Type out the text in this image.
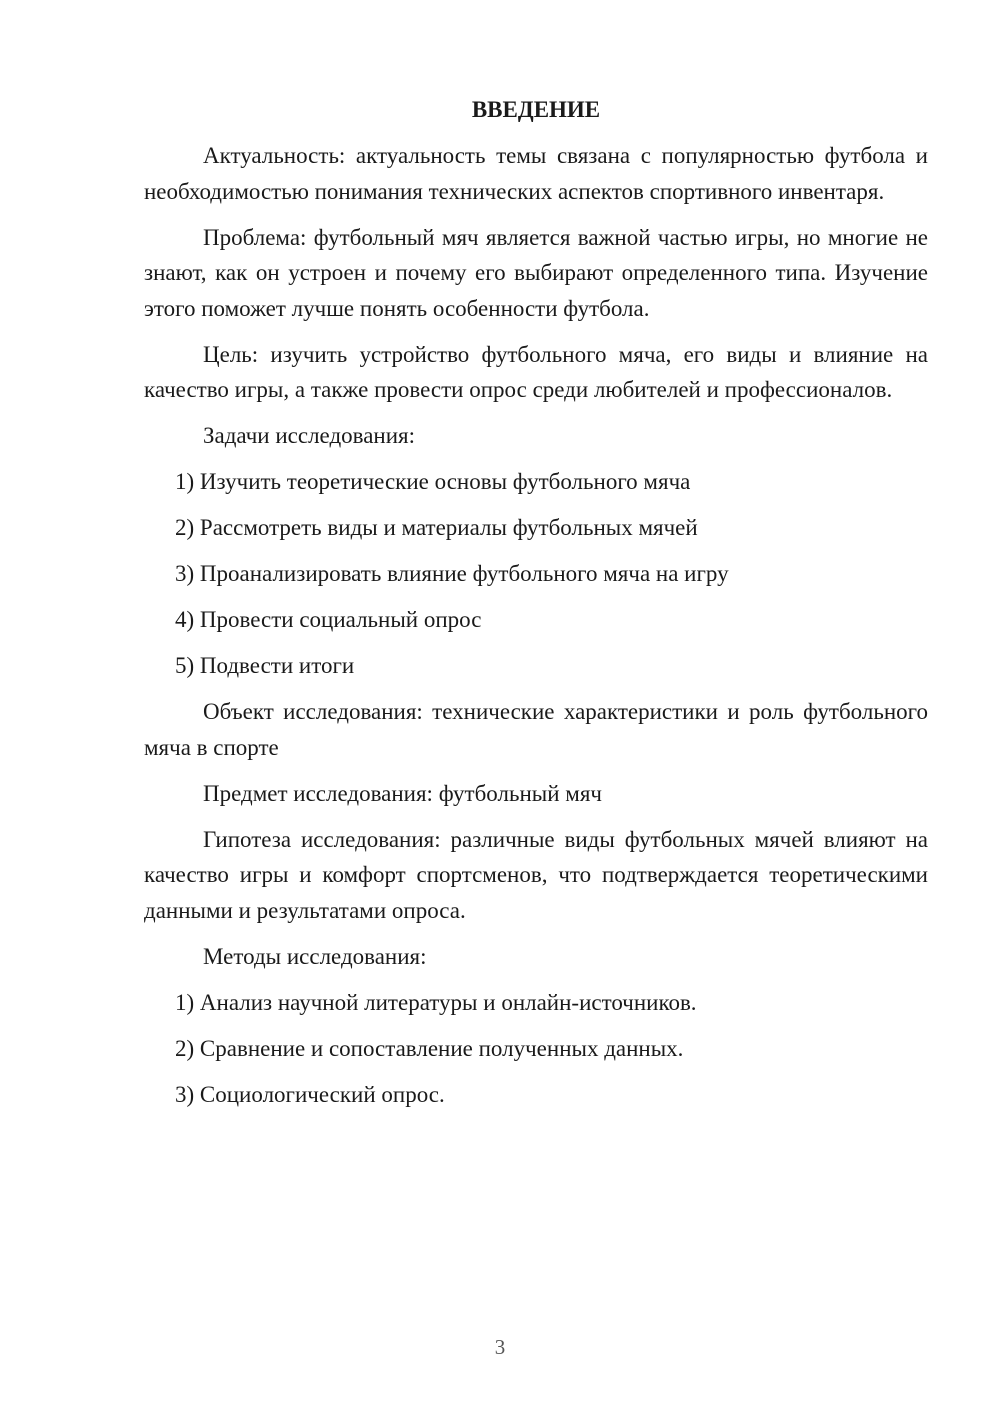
ВВЕДЕНИЕ

Актуальность: актуальность темы связана с популярностью футбола и необходимостью понимания технических аспектов спортивного инвентаря.

Проблема: футбольный мяч является важной частью игры, но многие не знают, как он устроен и почему его выбирают определенного типа. Изучение этого поможет лучше понять особенности футбола.

Цель: изучить устройство футбольного мяча, его виды и влияние на качество игры, а также провести опрос среди любителей и профессионалов.

Задачи исследования:

1) Изучить теоретические основы футбольного мяча

2) Рассмотреть виды и материалы футбольных мячей

3) Проанализировать влияние футбольного мяча на игру

4) Провести социальный опрос

5) Подвести итоги

Объект исследования: технические характеристики и роль футбольного мяча в спорте

Предмет исследования: футбольный мяч

Гипотеза исследования: различные виды футбольных мячей влияют на качество игры и комфорт спортсменов, что подтверждается теоретическими данными и результатами опроса.

Методы исследования:

1) Анализ научной литературы и онлайн-источников.

2) Сравнение и сопоставление полученных данных.

3) Социологический опрос.

3
